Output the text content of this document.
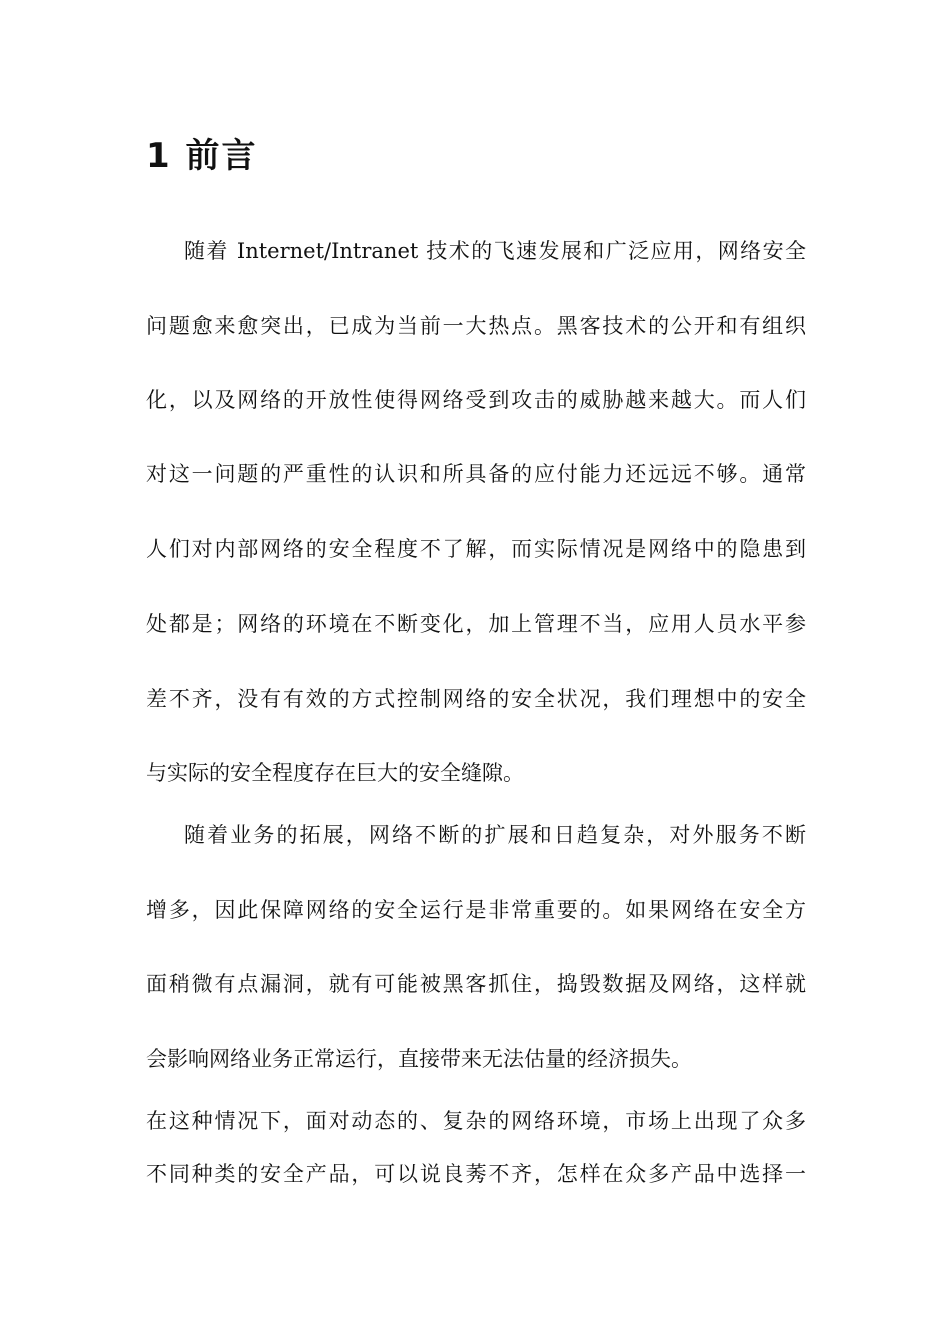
1 前言
随着 Internet/Intranet 技术的飞速发展和广泛应用，网络安全
问题愈来愈突出，已成为当前一大热点。黑客技术的公开和有组织
化，以及网络的开放性使得网络受到攻击的威胁越来越大。而人们
对这一问题的严重性的认识和所具备的应付能力还远远不够。通常
人们对内部网络的安全程度不了解，而实际情况是网络中的隐患到
处都是；网络的环境在不断变化，加上管理不当，应用人员水平参
差不齐，没有有效的方式控制网络的安全状况，我们理想中的安全
与实际的安全程度存在巨大的安全缝隙。
随着业务的拓展，网络不断的扩展和日趋复杂，对外服务不断
增多，因此保障网络的安全运行是非常重要的。如果网络在安全方
面稍微有点漏洞，就有可能被黑客抓住，捣毁数据及网络，这样就
会影响网络业务正常运行，直接带来无法估量的经济损失。
在这种情况下，面对动态的、复杂的网络环境，市场上出现了众多
不同种类的安全产品，可以说良莠不齐，怎样在众多产品中选择一
